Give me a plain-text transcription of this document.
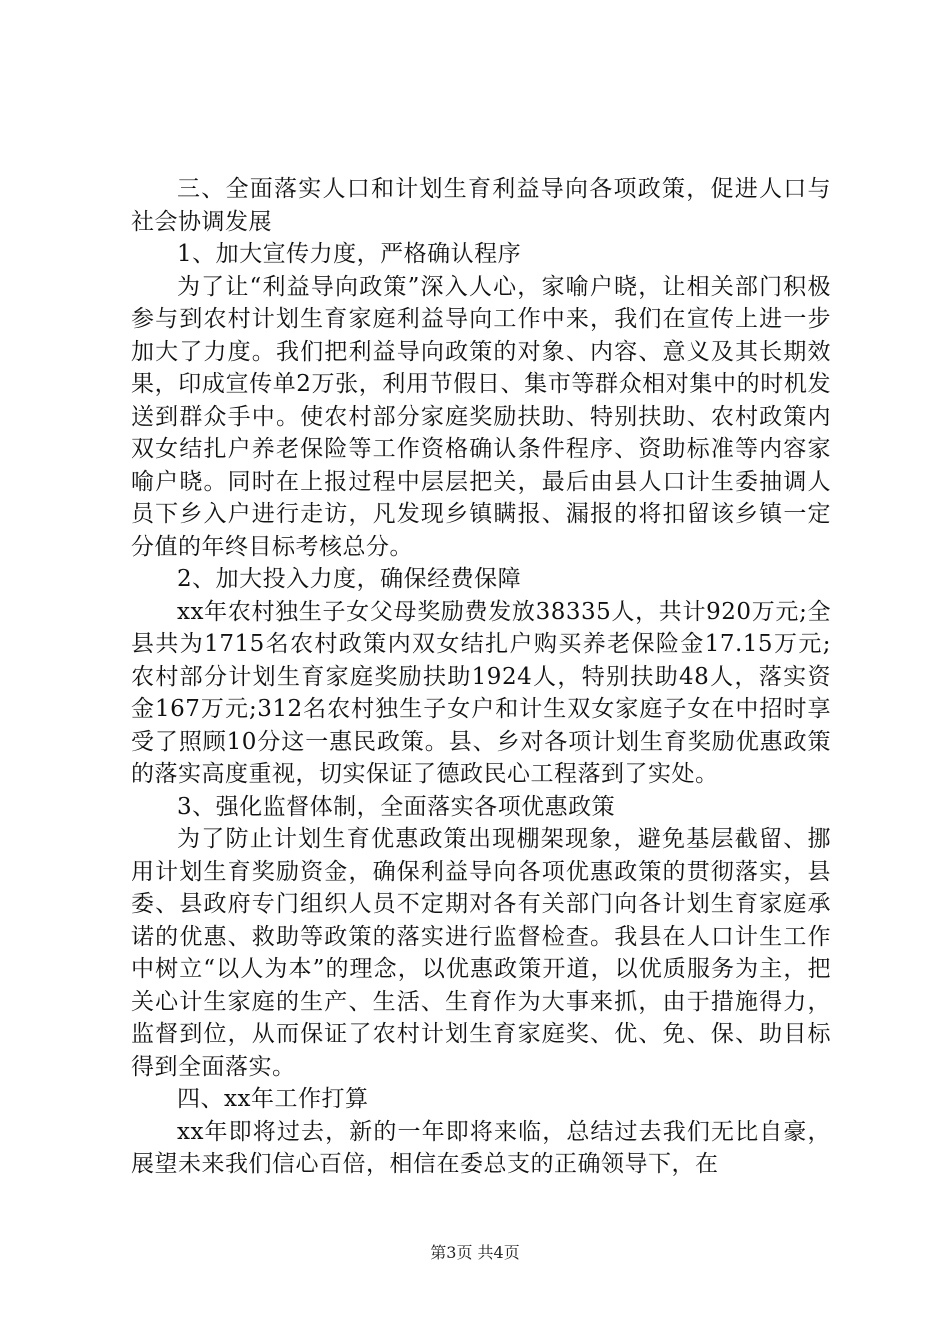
三、全面落实人口和计划生育利益导向各项政策，促进人口与社会协调发展

1、加大宣传力度，严格确认程序

为了让“利益导向政策”深入人心，家喻户晓，让相关部门积极参与到农村计划生育家庭利益导向工作中来，我们在宣传上进一步加大了力度。我们把利益导向政策的对象、内容、意义及其长期效果，印成宣传单2万张，利用节假日、集市等群众相对集中的时机发送到群众手中。使农村部分家庭奖励扶助、特别扶助、农村政策内双女结扎户养老保险等工作资格确认条件程序、资助标准等内容家喻户晓。同时在上报过程中层层把关，最后由县人口计生委抽调人员下乡入户进行走访，凡发现乡镇瞒报、漏报的将扣留该乡镇一定分值的年终目标考核总分。

2、加大投入力度，确保经费保障

xx年农村独生子女父母奖励费发放38335人，共计920万元;全县共为1715名农村政策内双女结扎户购买养老保险金17.15万元;农村部分计划生育家庭奖励扶助1924人，特别扶助48人，落实资金167万元;312名农村独生子女户和计生双女家庭子女在中招时享受了照顾10分这一惠民政策。县、乡对各项计划生育奖励优惠政策的落实高度重视，切实保证了德政民心工程落到了实处。

3、强化监督体制，全面落实各项优惠政策

为了防止计划生育优惠政策出现棚架现象，避免基层截留、挪用计划生育奖励资金，确保利益导向各项优惠政策的贯彻落实，县委、县政府专门组织人员不定期对各有关部门向各计划生育家庭承诺的优惠、救助等政策的落实进行监督检查。我县在人口计生工作中树立“以人为本”的理念，以优惠政策开道，以优质服务为主，把关心计生家庭的生产、生活、生育作为大事来抓，由于措施得力，监督到位，从而保证了农村计划生育家庭奖、优、免、保、助目标得到全面落实。

四、xx年工作打算

xx年即将过去，新的一年即将来临，总结过去我们无比自豪，展望未来我们信心百倍，相信在委总支的正确领导下，在

第3页 共4页
